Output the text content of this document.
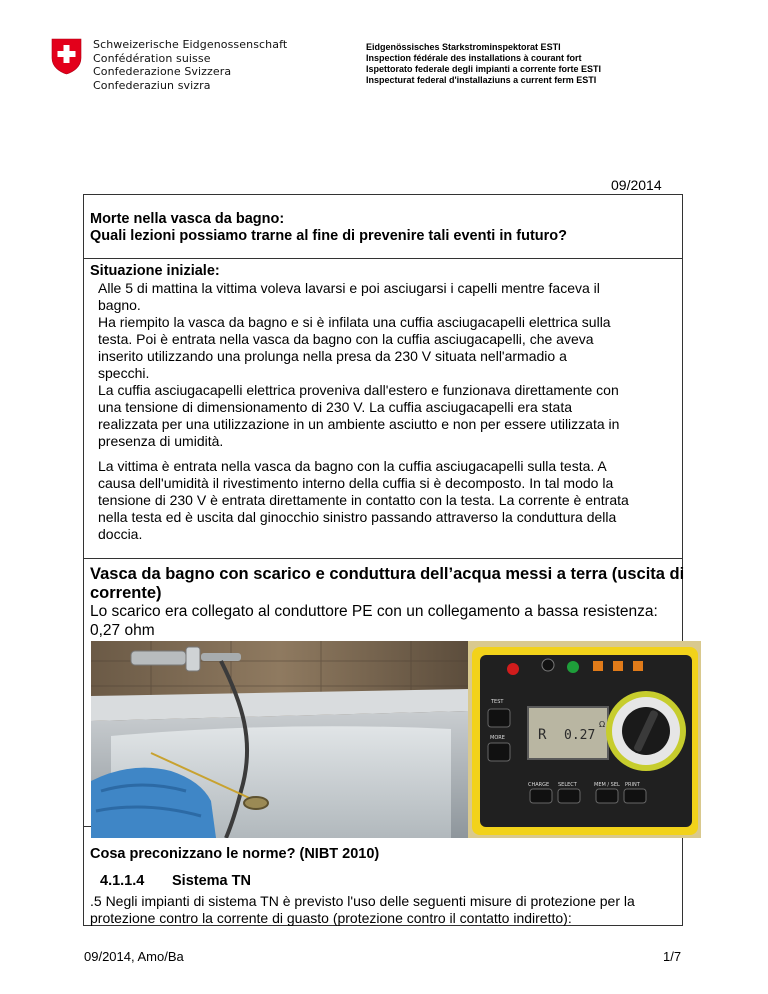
Schweizerische Eidgenossenschaft
Confédération suisse
Confederazione Svizzera
Confederaziun svizra
Eidgenössisches Starkstrominspektorat ESTI
Inspection fédérale des installations à courant fort
Ispettorato federale degli impianti a corrente forte ESTI
Inspecturat federal d'installaziuns a current ferm ESTI
09/2014
Morte nella vasca da bagno:
Quali lezioni possiamo trarne al fine di prevenire tali eventi in futuro?
Situazione iniziale:
Alle 5 di mattina la vittima voleva lavarsi e poi asciugarsi i capelli mentre faceva il
bagno.
Ha riempito la vasca da bagno e si è infilata una cuffia asciugacapelli elettrica sulla
testa. Poi è entrata nella vasca da bagno con la cuffia asciugacapelli, che aveva
inserito utilizzando una prolunga nella presa da 230 V situata nell'armadio a
specchi.
La cuffia asciugacapelli elettrica proveniva dall'estero e funzionava direttamente con
una tensione di dimensionamento di 230 V. La cuffia asciugacapelli era stata
realizzata per una utilizzazione in un ambiente asciutto e non per essere utilizzata in
presenza di umidità.
La vittima è entrata nella vasca da bagno con la cuffia asciugacapelli sulla testa. A
causa dell'umidità il rivestimento interno della cuffia si è decomposto. In tal modo la
tensione di 230 V è entrata direttamente in contatto con la testa. La corrente è entrata
nella testa ed è uscita dal ginocchio sinistro passando attraverso la conduttura della
doccia.
Vasca da bagno con scarico e conduttura dell’acqua messi a terra (uscita di
corrente)
Lo scarico era collegato al conduttore PE con un collegamento a bassa resistenza:
0,27 ohm
R 0.27
Ω
TEST
MORE
CHARGE SELECT	MEM / SEL PRINT
Cosa preconizzano le norme? (NIBT 2010)
4.1.1.4 Sistema TN
.5 Negli impianti di sistema TN è previsto l'uso delle seguenti misure di protezione per la
protezione contro la corrente di guasto (protezione contro il contatto indiretto):
09/2014, Amo/Ba	1/7
